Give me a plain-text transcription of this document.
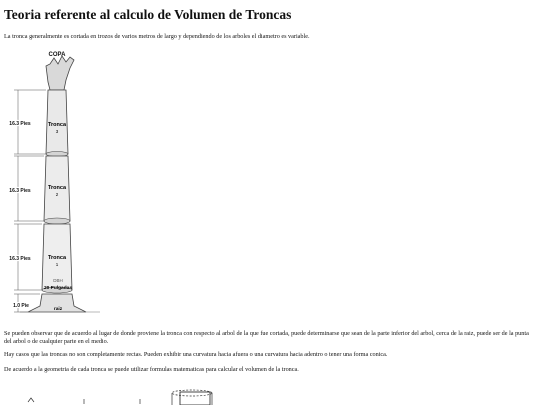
Teoria referente al calculo de Volumen de Troncas

La tronca generalmente es cortada en trozos de varios metros de largo y dependiendo de los arboles el diametro es variable.

COPA
Tronca
3
Tronca
2
Tronca
1
DBH
20 Pulgadas
raiz
16.3 Pies
16.3 Pies
16.3 Pies
1.0 Pie

Se pueden observar que de acuerdo al lugar de donde proviene la tronca con respecto al arbol de la que fue cortada, puede determinarse que sean de la parte inferior del arbol, cerca de la raiz, puede ser de la punta del arbol o de cualquier parte en el medio.

Hay casos que las troncas no son completamente rectas. Pueden exhibir una curvatura hacia afuera o una curvatura hacia adentro o tener una forma conica.

De acuerdo a la geometria de cada tronca se puede utilizar formulas matematicas para calcular el volumen de la tronca.
